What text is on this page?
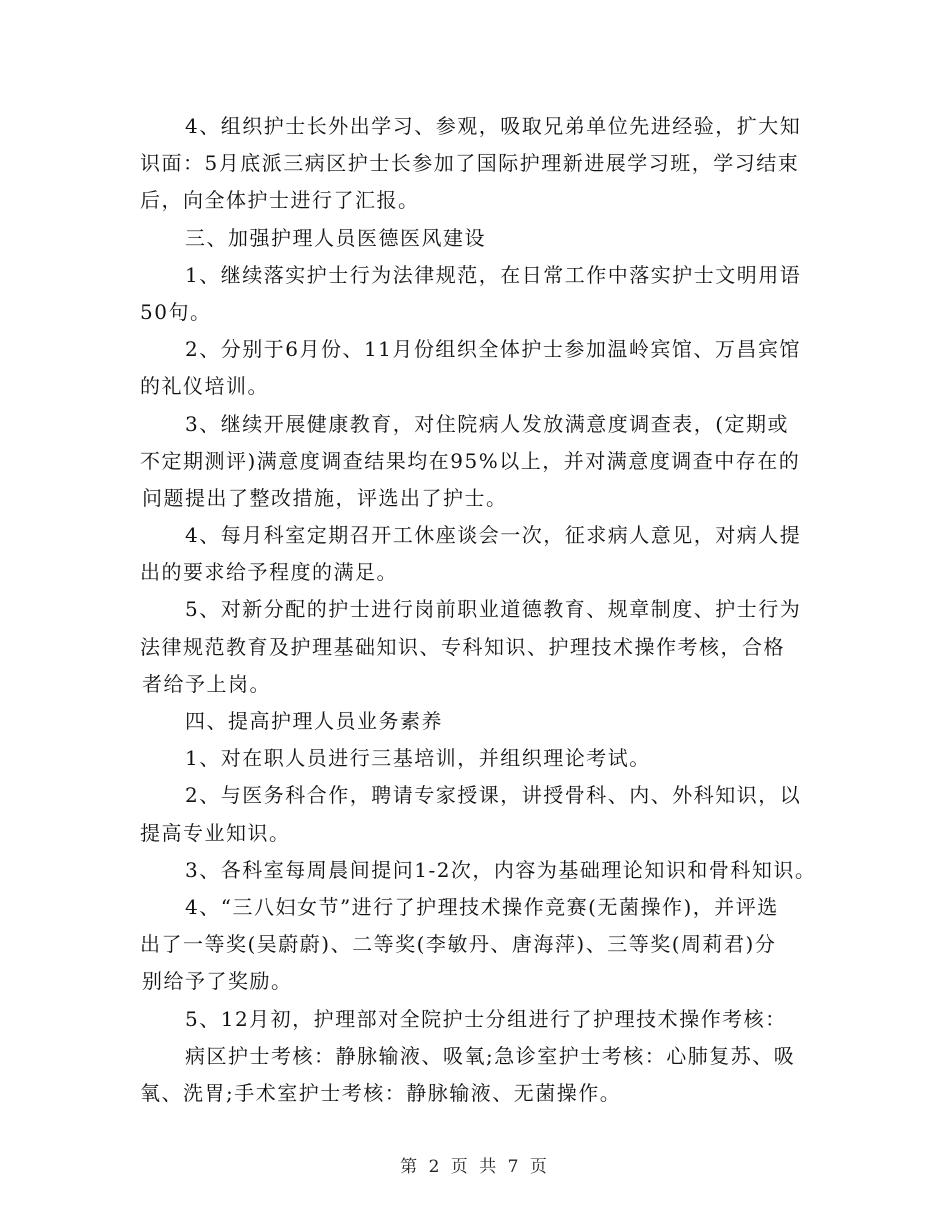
4、组织护士长外出学习、参观，吸取兄弟单位先进经验，扩大知
识面：5月底派三病区护士长参加了国际护理新进展学习班，学习结束
后，向全体护士进行了汇报。
三、加强护理人员医德医风建设
1、继续落实护士行为法律规范，在日常工作中落实护士文明用语
50句。
2、分别于6月份、11月份组织全体护士参加温岭宾馆、万昌宾馆
的礼仪培训。
3、继续开展健康教育，对住院病人发放满意度调查表，(定期或
不定期测评)满意度调查结果均在95%以上，并对满意度调查中存在的
问题提出了整改措施，评选出了护士。
4、每月科室定期召开工休座谈会一次，征求病人意见，对病人提
出的要求给予程度的满足。
5、对新分配的护士进行岗前职业道德教育、规章制度、护士行为
法律规范教育及护理基础知识、专科知识、护理技术操作考核，合格
者给予上岗。
四、提高护理人员业务素养
1、对在职人员进行三基培训，并组织理论考试。
2、与医务科合作，聘请专家授课，讲授骨科、内、外科知识，以
提高专业知识。
3、各科室每周晨间提问1-2次，内容为基础理论知识和骨科知识。
4、“三八妇女节”进行了护理技术操作竞赛(无菌操作)，并评选
出了一等奖(吴蔚蔚)、二等奖(李敏丹、唐海萍)、三等奖(周莉君)分
别给予了奖励。
5、12月初，护理部对全院护士分组进行了护理技术操作考核：
病区护士考核：静脉输液、吸氧;急诊室护士考核：心肺复苏、吸
氧、洗胃;手术室护士考核：静脉输液、无菌操作。
第 2 页 共 7 页
